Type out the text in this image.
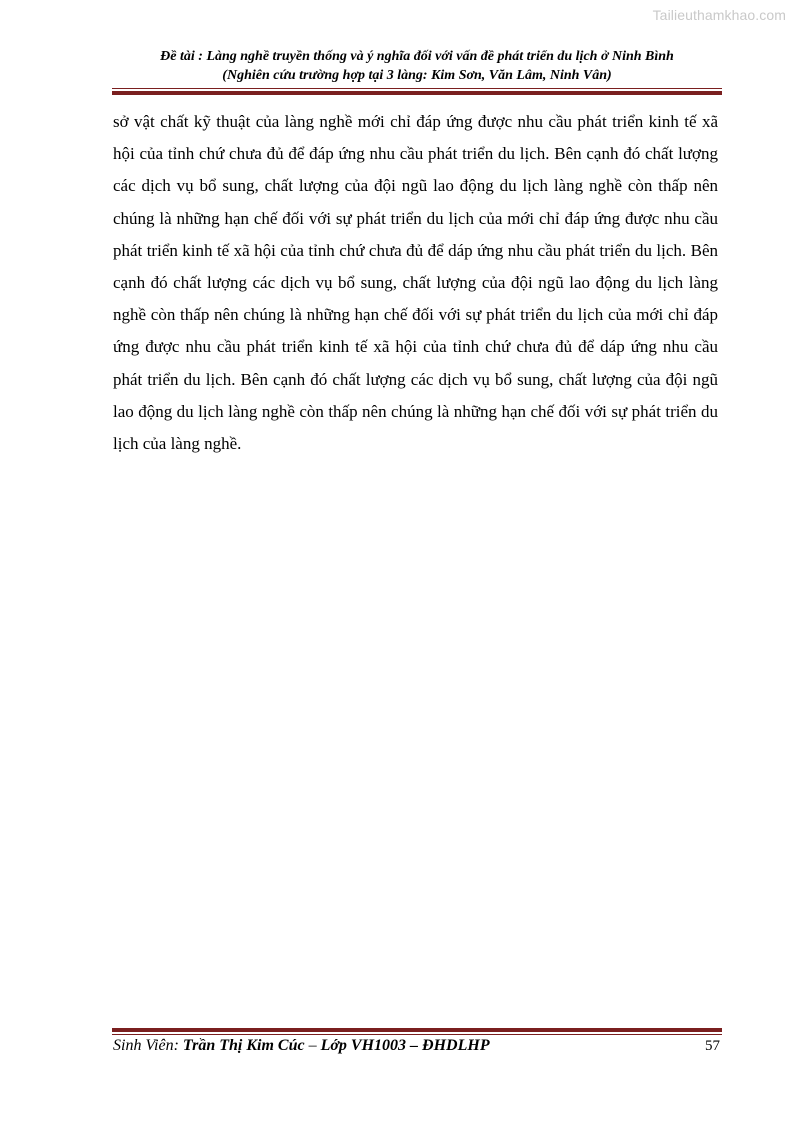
Tailieuthamkhao.com
Đề tài : Làng nghề truyền thống và ý nghĩa đối với vấn đề phát triển du lịch ở Ninh Bình
(Nghiên cứu trường hợp tại 3 làng: Kim Sơn, Văn Lâm, Ninh Vân)

sở vật chất kỹ thuật của làng nghề mới chỉ đáp ứng được nhu cầu phát triển kinh tế xã hội của tỉnh chứ chưa đủ để đáp ứng nhu cầu phát triển du lịch. Bên cạnh đó chất lượng các dịch vụ bổ sung, chất lượng của đội ngũ lao động du lịch làng nghề còn thấp nên chúng là những hạn chế đối với sự phát triển du lịch của mới chỉ đáp ứng được nhu cầu phát triển kinh tế xã hội của tỉnh chứ chưa đủ để dáp ứng nhu cầu phát triển du lịch. Bên cạnh đó chất lượng các dịch vụ bổ sung, chất lượng của đội ngũ lao động du lịch làng nghề còn thấp nên chúng là những hạn chế đối với sự phát triển du lịch của mới chỉ đáp ứng được nhu cầu phát triển kinh tế xã hội của tỉnh chứ chưa đủ để dáp ứng nhu cầu phát triển du lịch. Bên cạnh đó chất lượng các dịch vụ bổ sung, chất lượng của đội ngũ lao động du lịch làng nghề còn thấp nên chúng là những hạn chế đối với sự phát triển du lịch của làng nghề.

Sinh Viên: Trần Thị Kim Cúc – Lớp VH1003 – ĐHDLHP	57
